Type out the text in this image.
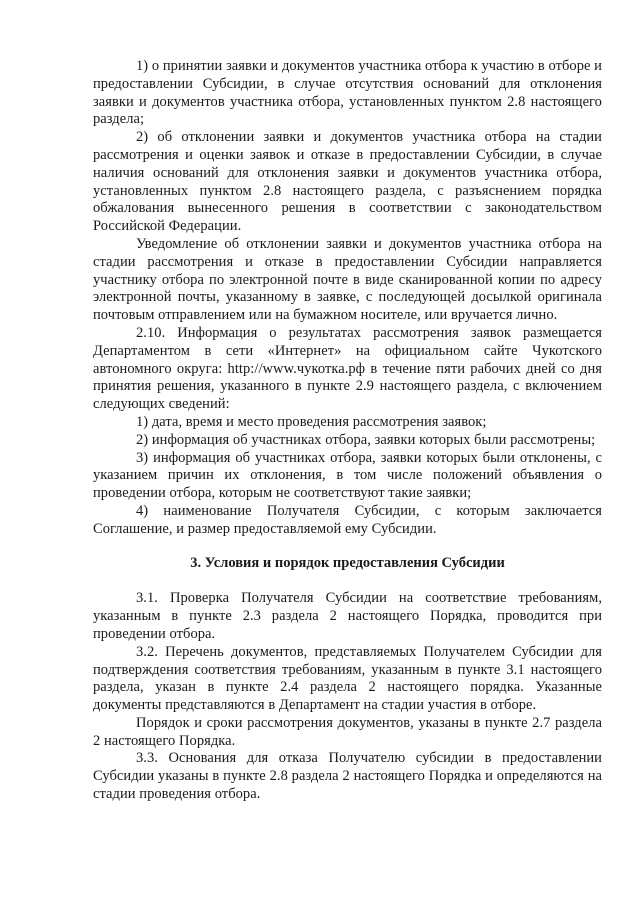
1) о принятии заявки и документов участника отбора к участию в отборе и предоставлении Субсидии, в случае отсутствия оснований для отклонения заявки и документов участника отбора, установленных пунктом 2.8 настоящего раздела;

2) об отклонении заявки и документов участника отбора на стадии рассмотрения и оценки заявок и отказе в предоставлении Субсидии, в случае наличия оснований для отклонения заявки и документов участника отбора, установленных пунктом 2.8 настоящего раздела, с разъяснением порядка обжалования вынесенного решения в соответствии с законодательством Российской Федерации.

Уведомление об отклонении заявки и документов участника отбора на стадии рассмотрения и отказе в предоставлении Субсидии направляется участнику отбора по электронной почте в виде сканированной копии по адресу электронной почты, указанному в заявке, с последующей досылкой оригинала почтовым отправлением или на бумажном носителе, или вручается лично.

2.10. Информация о результатах рассмотрения заявок размещается Департаментом в сети «Интернет» на официальном сайте Чукотского автономного округа: http://www.чукотка.рф в течение пяти рабочих дней со дня принятия решения, указанного в пункте 2.9 настоящего раздела, с включением следующих сведений:

1) дата, время и место проведения рассмотрения заявок;

2) информация об участниках отбора, заявки которых были рассмотрены;

3) информация об участниках отбора, заявки которых были отклонены, с указанием причин их отклонения, в том числе положений объявления о проведении отбора, которым не соответствуют такие заявки;

4) наименование Получателя Субсидии, с которым заключается Соглашение, и размер предоставляемой ему Субсидии.

3. Условия и порядок предоставления Субсидии

3.1. Проверка Получателя Субсидии на соответствие требованиям, указанным в пункте 2.3 раздела 2 настоящего Порядка, проводится при проведении отбора.

3.2. Перечень документов, представляемых Получателем Субсидии для подтверждения соответствия требованиям, указанным в пункте 3.1 настоящего раздела, указан в пункте 2.4 раздела 2 настоящего порядка. Указанные документы представляются в Департамент на стадии участия в отборе.

Порядок и сроки рассмотрения документов, указаны в пункте 2.7 раздела 2 настоящего Порядка.

3.3. Основания для отказа Получателю субсидии в предоставлении Субсидии указаны в пункте 2.8 раздела 2 настоящего Порядка и определяются на стадии проведения отбора.
